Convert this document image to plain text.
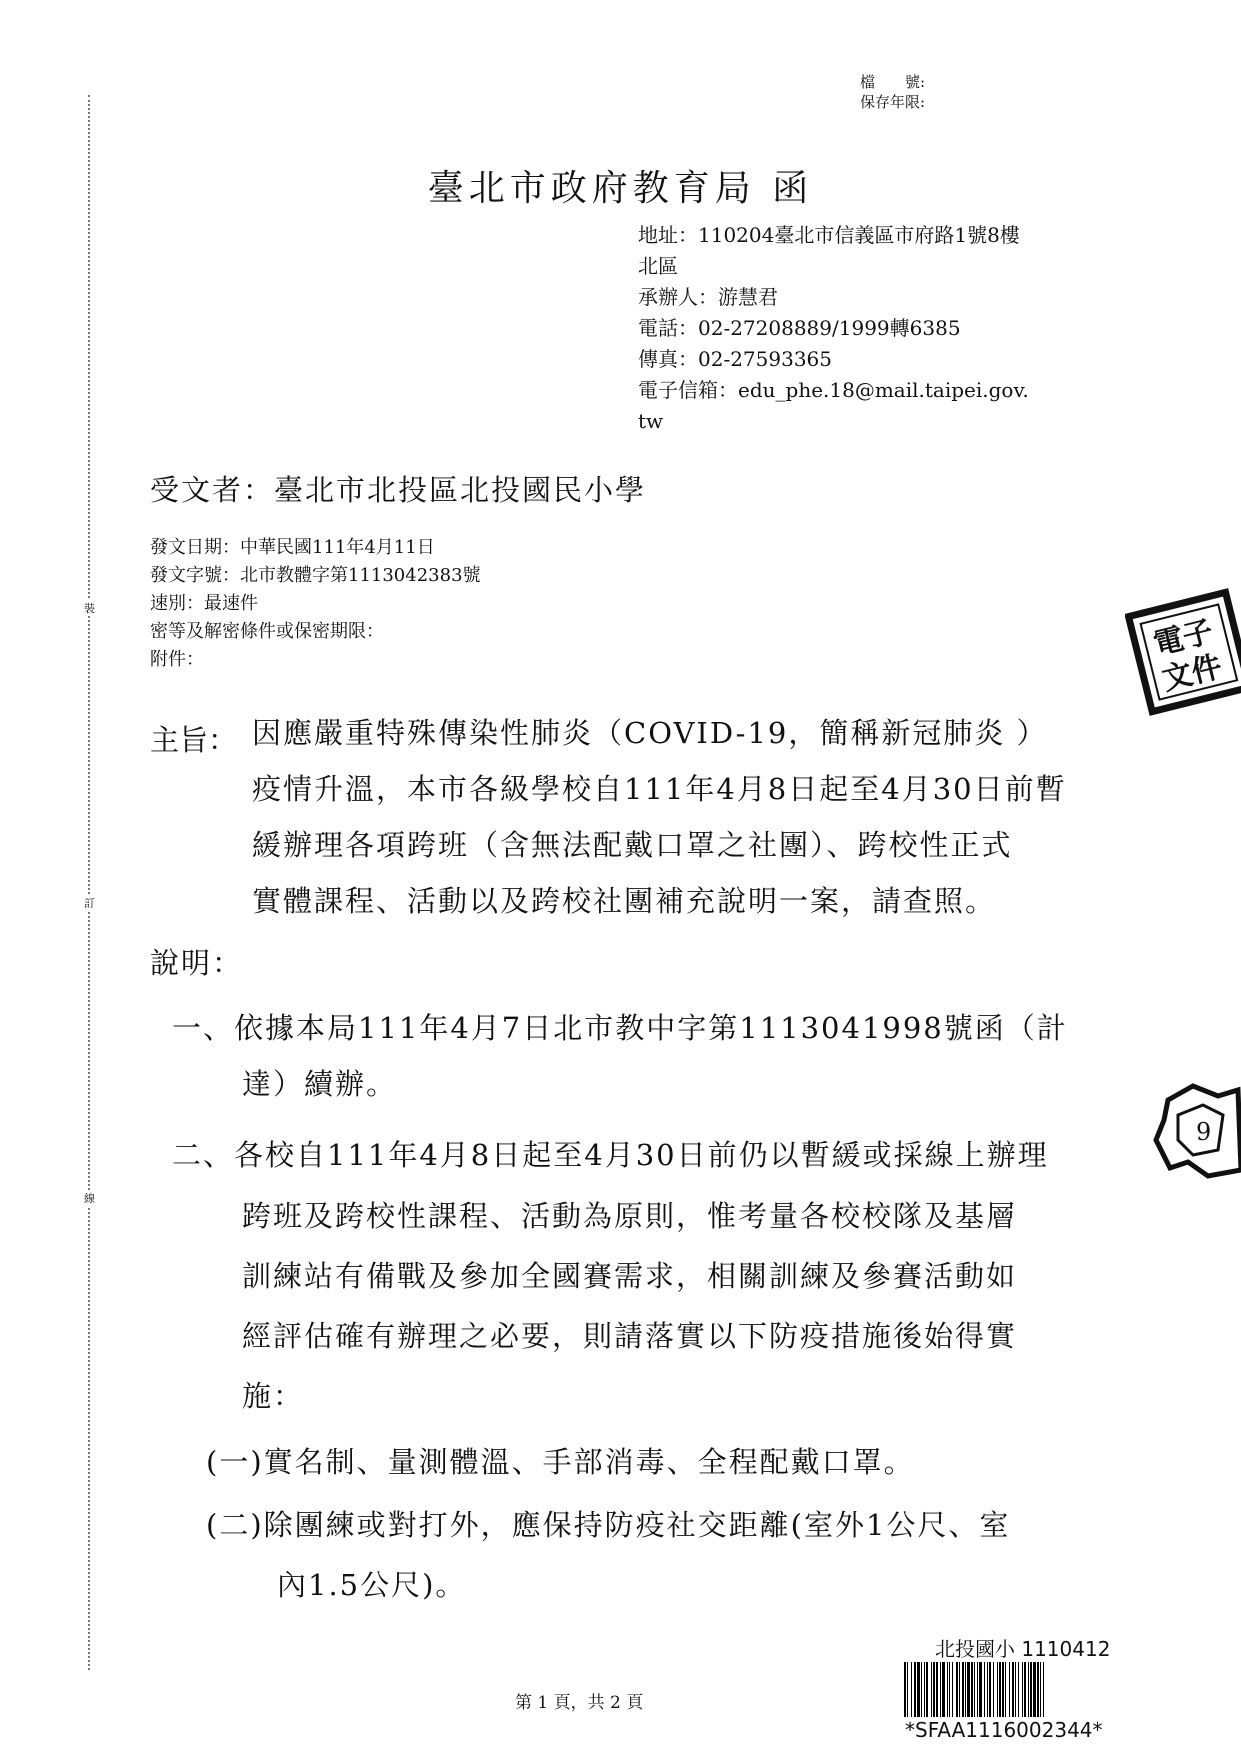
裝
訂
線
檔　　號:
保存年限:
臺北市政府教育局 函
地址：110204臺北市信義區市府路1號8樓
北區
承辦人：游慧君
電話：02-27208889/1999轉6385
傳真：02-27593365
電子信箱：edu_phe.18@mail.taipei.gov.
tw
受文者：臺北市北投區北投國民小學
發文日期：中華民國111年4月11日
發文字號：北市教體字第1113042383號
速別：最速件
密等及解密條件或保密期限：
附件：
主旨： 因應嚴重特殊傳染性肺炎（COVID-19，簡稱新冠肺炎 ）
疫情升溫，本市各級學校自111年4月8日起至4月30日前暫
緩辦理各項跨班（含無法配戴口罩之社團）、跨校性正式
實體課程、活動以及跨校社團補充說明一案，請查照。
說明：
一、依據本局111年4月7日北市教中字第1113041998號函（計
達）續辦。
二、各校自111年4月8日起至4月30日前仍以暫緩或採線上辦理
跨班及跨校性課程、活動為原則，惟考量各校校隊及基層
訓練站有備戰及參加全國賽需求，相關訓練及參賽活動如
經評估確有辦理之必要，則請落實以下防疫措施後始得實
施：
(一)實名制、量測體溫、手部消毒、全程配戴口罩。
(二)除團練或對打外，應保持防疫社交距離(室外1公尺、室
內1.5公尺)。
電子
文件
9
第 1 頁，共 2 頁
北投國小 1110412
*SFAA1116002344*
